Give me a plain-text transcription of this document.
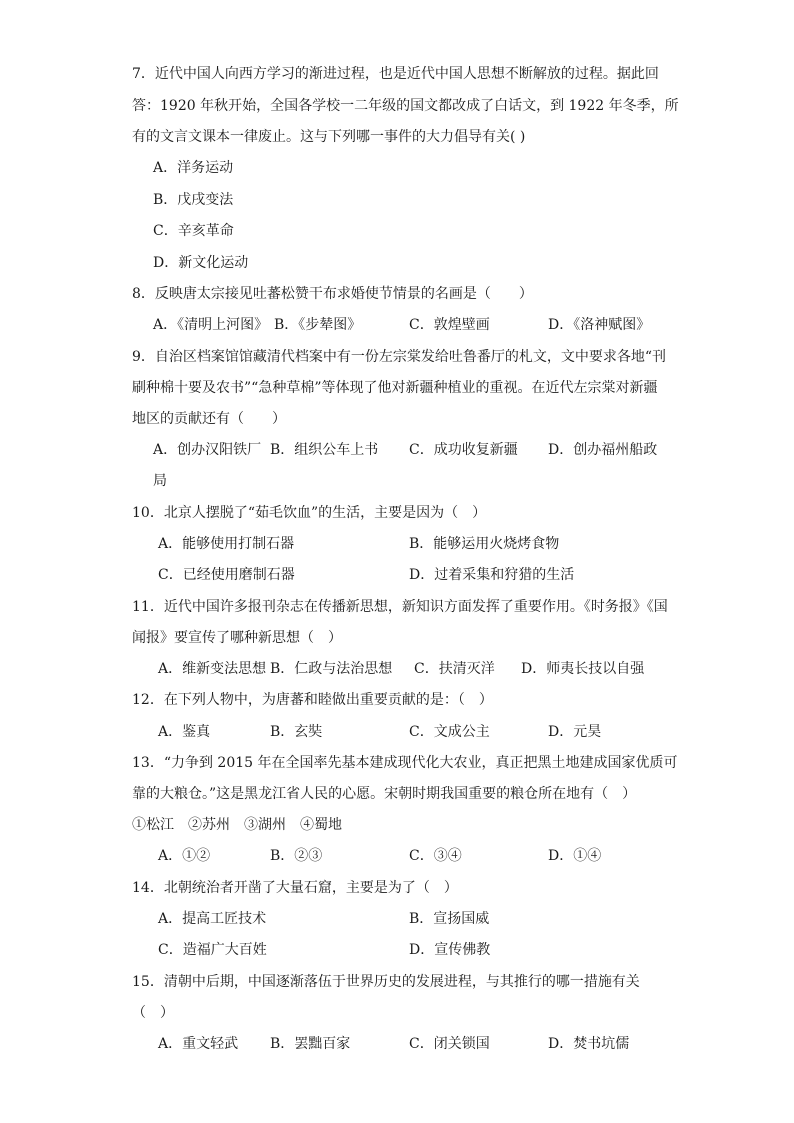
7．近代中国人向西方学习的渐进过程，也是近代中国人思想不断解放的过程。据此回
答：1920 年秋开始，全国各学校一二年级的国文都改成了白话文，到 1922 年冬季，所
有的文言文课本一律废止。这与下列哪一事件的大力倡导有关( )
A．洋务运动
B．戊戌变法
C．辛亥革命
D．新文化运动
8．反映唐太宗接见吐蕃松赞干布求婚使节情景的名画是（　　）
A．《清明上河图》 B．《步辇图》	C．敦煌壁画	D．《洛神赋图》
9．自治区档案馆馆藏清代档案中有一份左宗棠发给吐鲁番厅的札文，文中要求各地“刊
刷种棉十要及农书”“急种草棉”等体现了他对新疆种植业的重视。在近代左宗棠对新疆
地区的贡献还有（　　）
A．创办汉阳铁厂 B．组织公车上书 C．成功收复新疆 D．创办福州船政
局
10．北京人摆脱了“茹毛饮血”的生活，主要是因为（　）
A．能够使用打制石器	B．能够运用火烧烤食物
C．已经使用磨制石器	D．过着采集和狩猎的生活
11．近代中国许多报刊杂志在传播新思想，新知识方面发挥了重要作用。《时务报》《国
闻报》要宣传了哪种新思想（　）
A．维新变法思想 B．仁政与法治思想 C．扶清灭洋 D．师夷长技以自强
12．在下列人物中，为唐蕃和睦做出重要贡献的是：（　）
A．鉴真	B．玄奘	C．文成公主	D．元昊
13．“力争到 2015 年在全国率先基本建成现代化大农业，真正把黑土地建成国家优质可
靠的大粮仓。”这是黑龙江省人民的心愿。宋朝时期我国重要的粮仓所在地有（　）
①松江　②苏州　③湖州　④蜀地
A．①②	B．②③	C．③④	D．①④
14．北朝统治者开凿了大量石窟，主要是为了（　）
A．提高工匠技术	B．宣扬国威
C．造福广大百姓	D．宣传佛教
15．清朝中后期，中国逐渐落伍于世界历史的发展进程，与其推行的哪一措施有关
（　）
A．重文轻武 B．罢黜百家	C．闭关锁国	D．焚书坑儒
